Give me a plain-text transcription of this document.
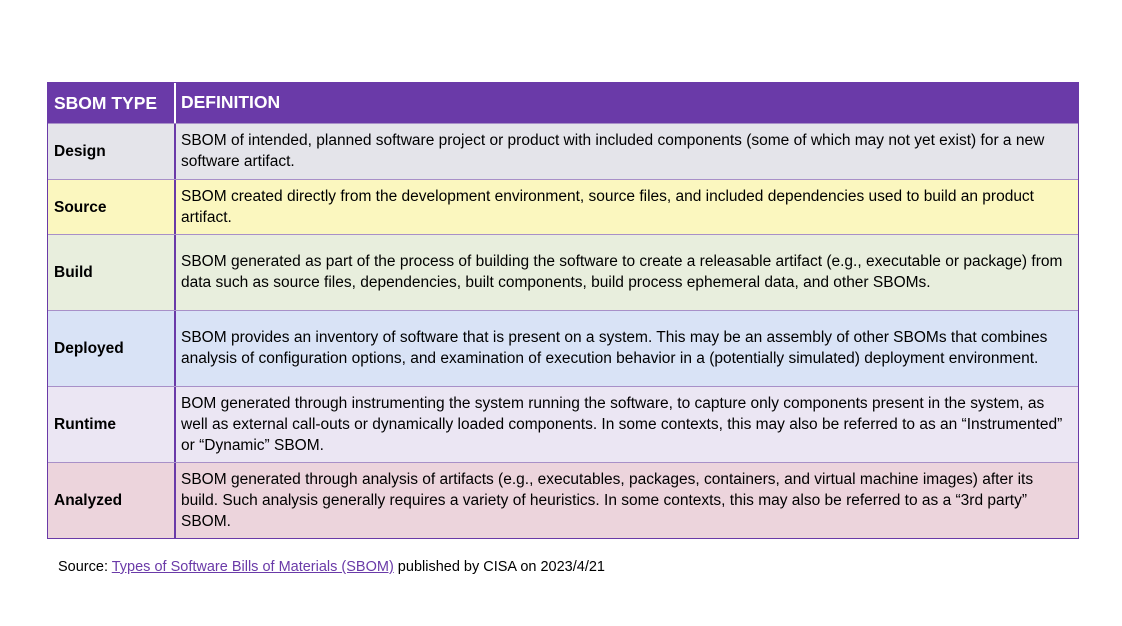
SBOM TYPE	DEFINITION
Design
SBOM of intended, planned software project or product with included components (some of which may not yet exist) for a new software artifact.
Source
SBOM created directly from the development environment, source files, and included dependencies used to build an product artifact.
Build
SBOM generated as part of the process of building the software to create a releasable artifact (e.g., executable or package) from data such as source files, dependencies, built components, build process ephemeral data, and other SBOMs.
Deployed
SBOM provides an inventory of software that is present on a system. This may be an assembly of other SBOMs that combines analysis of configuration options, and examination of execution behavior in a (potentially simulated) deployment environment.
Runtime
BOM generated through instrumenting the system running the software, to capture only components present in the system, as well as external call-outs or dynamically loaded components. In some contexts, this may also be referred to as an “Instrumented” or “Dynamic” SBOM.
Analyzed
SBOM generated through analysis of artifacts (e.g., executables, packages, containers, and virtual machine images) after its build. Such analysis generally requires a variety of heuristics. In some contexts, this may also be referred to as a “3rd party” SBOM.
Source: Types of Software Bills of Materials (SBOM) published by CISA on 2023/4/21
